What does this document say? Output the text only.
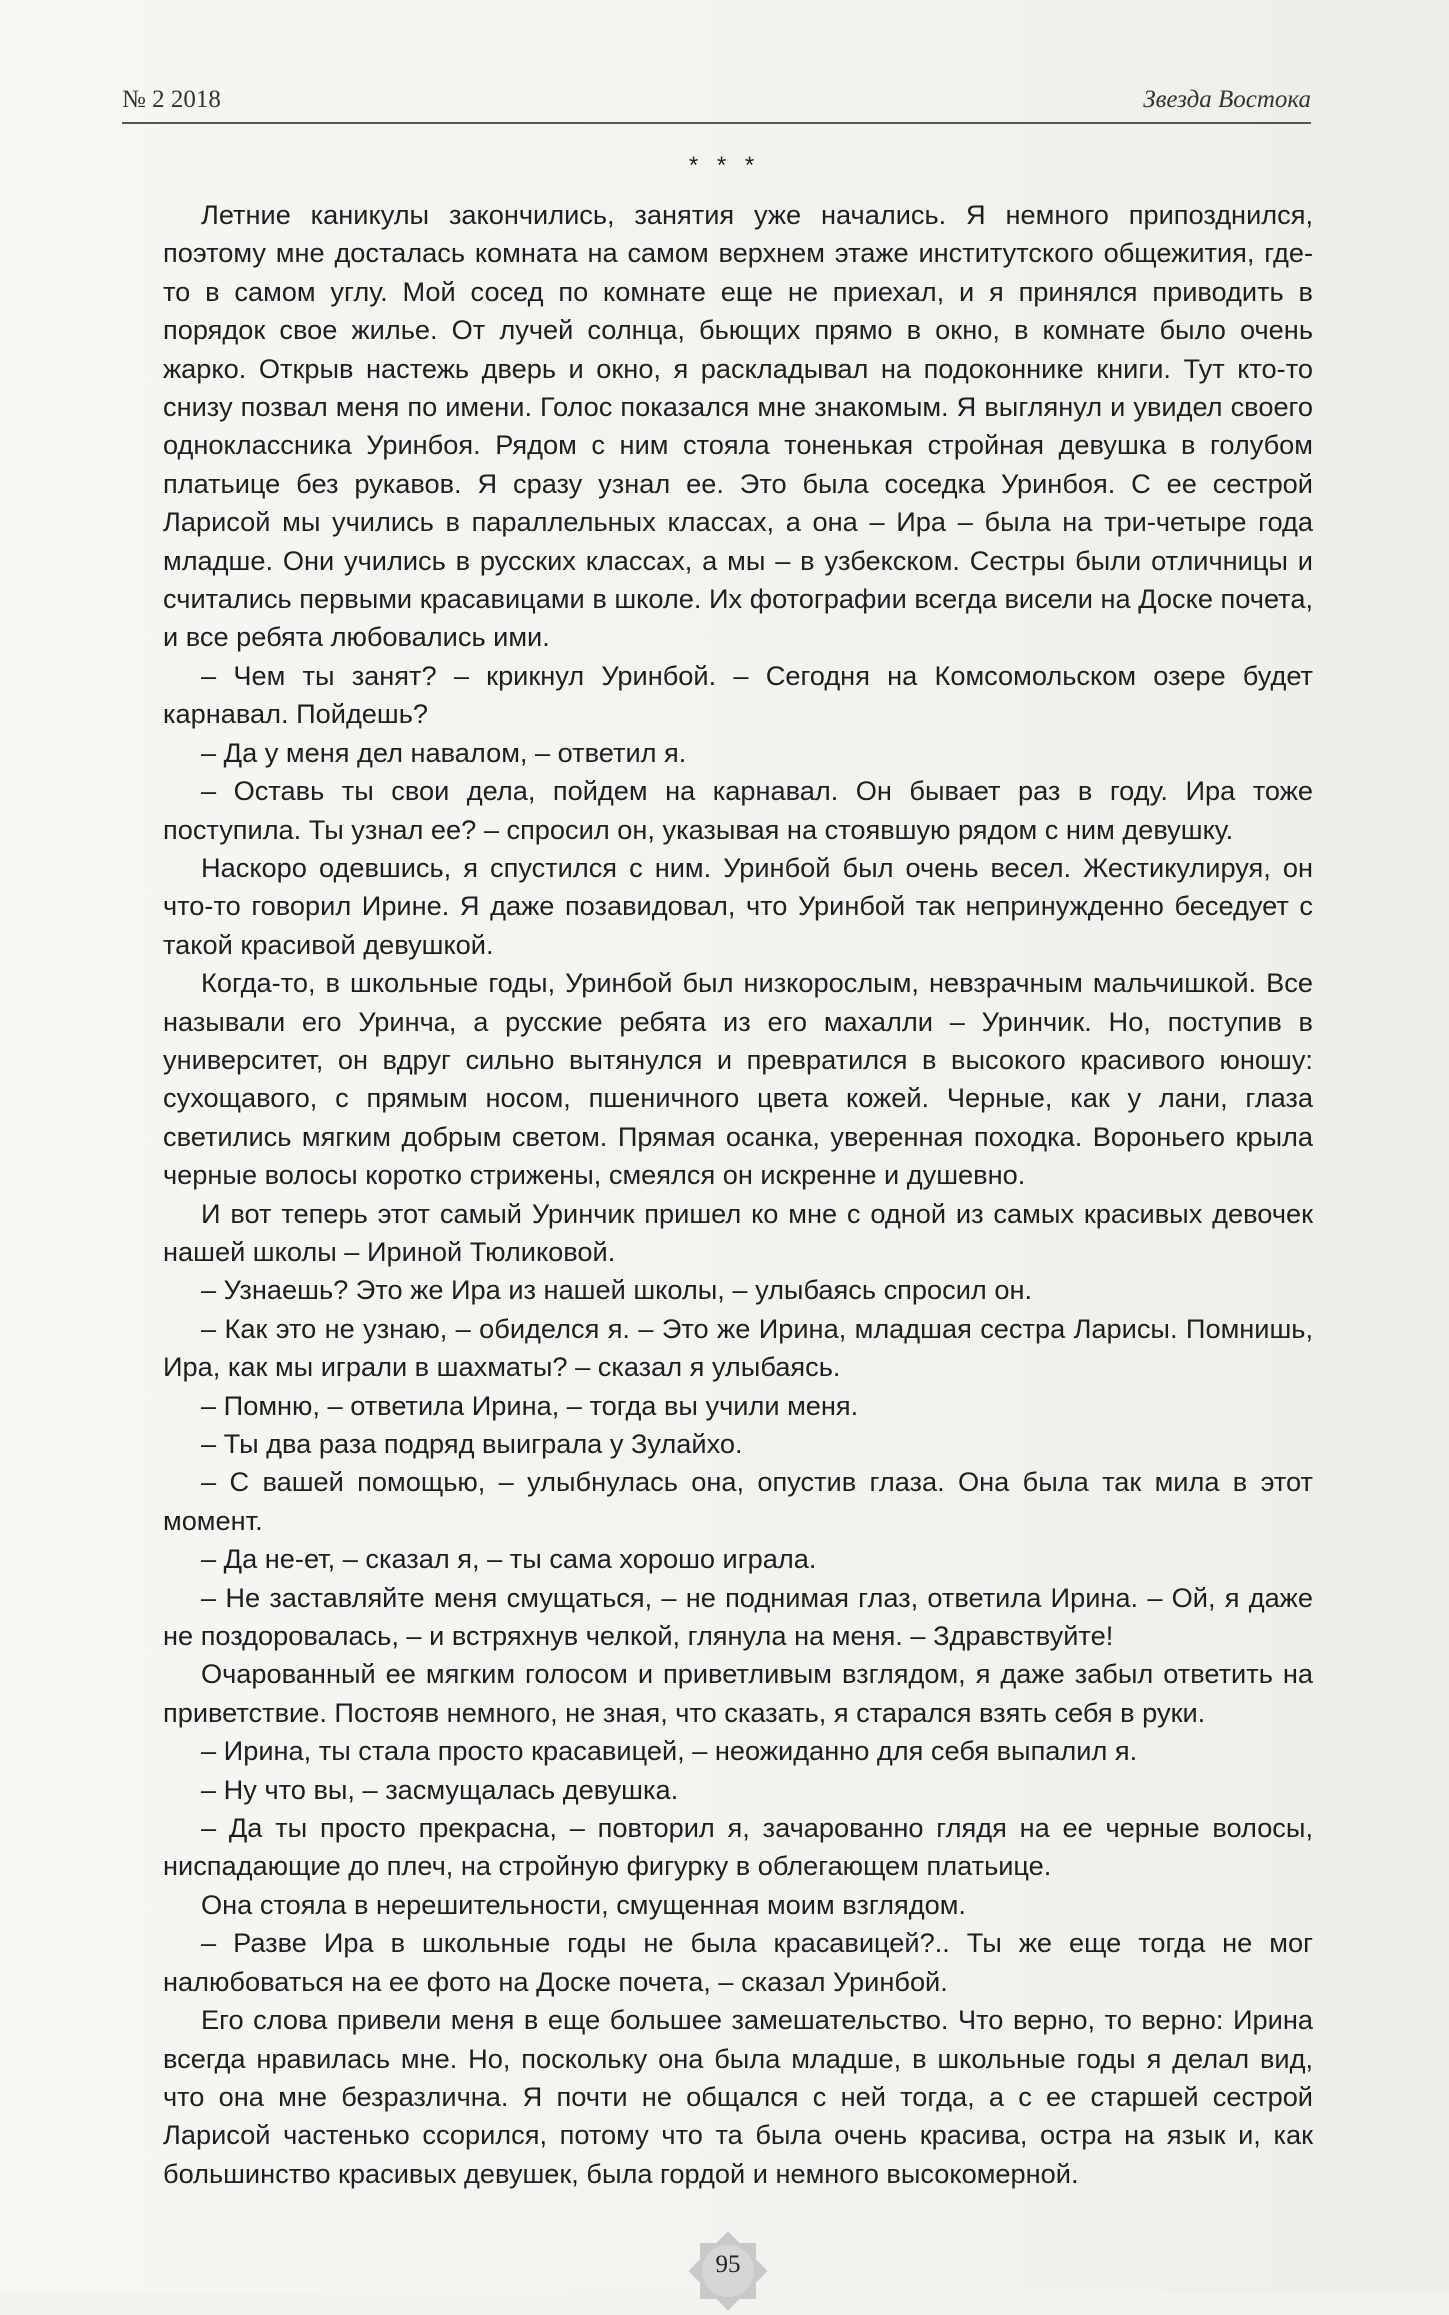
№ 2 2018	Звезда Востока
* * *

Летние каникулы закончились, занятия уже начались. Я немного припозднился, поэтому мне досталась комната на самом верхнем этаже институтского общежития, где-то в самом углу. Мой сосед по комнате еще не приехал, и я принялся приводить в порядок свое жилье. От лучей солнца, бьющих прямо в окно, в комнате было очень жарко. Открыв настежь дверь и окно, я раскладывал на подоконнике книги. Тут кто-то снизу позвал меня по имени. Голос показался мне знакомым. Я выглянул и увидел своего одноклассника Уринбоя. Рядом с ним стояла тоненькая стройная девушка в голубом платьице без рукавов. Я сразу узнал ее. Это была соседка Уринбоя. С ее сестрой Ларисой мы учились в параллельных классах, а она – Ира – была на три-четыре года младше. Они учились в русских классах, а мы – в узбекском. Сестры были отличницы и считались первыми красавицами в школе. Их фотографии всегда висели на Доске почета, и все ребята любовались ими.

– Чем ты занят? – крикнул Уринбой. – Сегодня на Комсомольском озере будет карнавал. Пойдешь?

– Да у меня дел навалом, – ответил я.

– Оставь ты свои дела, пойдем на карнавал. Он бывает раз в году. Ира тоже поступила. Ты узнал ее? – спросил он, указывая на стоявшую рядом с ним девушку.

Наскоро одевшись, я спустился с ним. Уринбой был очень весел. Жестикулируя, он что-то говорил Ирине. Я даже позавидовал, что Уринбой так непринужденно беседует с такой красивой девушкой.

Когда-то, в школьные годы, Уринбой был низкорослым, невзрачным мальчишкой. Все называли его Уринча, а русские ребята из его махалли – Уринчик. Но, поступив в университет, он вдруг сильно вытянулся и превратился в высокого красивого юношу: сухощавого, с прямым носом, пшеничного цвета кожей. Черные, как у лани, глаза светились мягким добрым светом. Прямая осанка, уверенная походка. Вороньего крыла черные волосы коротко стрижены, смеялся он искренне и душевно.

И вот теперь этот самый Уринчик пришел ко мне с одной из самых красивых девочек нашей школы – Ириной Тюликовой.

– Узнаешь? Это же Ира из нашей школы, – улыбаясь спросил он.

– Как это не узнаю, – обиделся я. – Это же Ирина, младшая сестра Ларисы. Помнишь, Ира, как мы играли в шахматы? – сказал я улыбаясь.

– Помню, – ответила Ирина, – тогда вы учили меня.

– Ты два раза подряд выиграла у Зулайхо.

– С вашей помощью, – улыбнулась она, опустив глаза. Она была так мила в этот момент.

– Да не-ет, – сказал я, – ты сама хорошо играла.

– Не заставляйте меня смущаться, – не поднимая глаз, ответила Ирина. – Ой, я даже не поздоровалась, – и встряхнув челкой, глянула на меня. – Здравствуйте!

Очарованный ее мягким голосом и приветливым взглядом, я даже забыл ответить на приветствие. Постояв немного, не зная, что сказать, я старался взять себя в руки.

– Ирина, ты стала просто красавицей, – неожиданно для себя выпалил я.

– Ну что вы, – засмущалась девушка.

– Да ты просто прекрасна, – повторил я, зачарованно глядя на ее черные волосы, ниспадающие до плеч, на стройную фигурку в облегающем платьице.

Она стояла в нерешительности, смущенная моим взглядом.

– Разве Ира в школьные годы не была красавицей?.. Ты же еще тогда не мог налюбоваться на ее фото на Доске почета, – сказал Уринбой.

Его слова привели меня в еще большее замешательство. Что верно, то верно: Ирина всегда нравилась мне. Но, поскольку она была младше, в школьные годы я делал вид, что она мне безразлична. Я почти не общался с ней тогда, а с ее старшей сестрой Ларисой частенько ссорился, потому что та была очень красива, остра на язык и, как большинство красивых девушек, была гордой и немного высокомерной.

95
